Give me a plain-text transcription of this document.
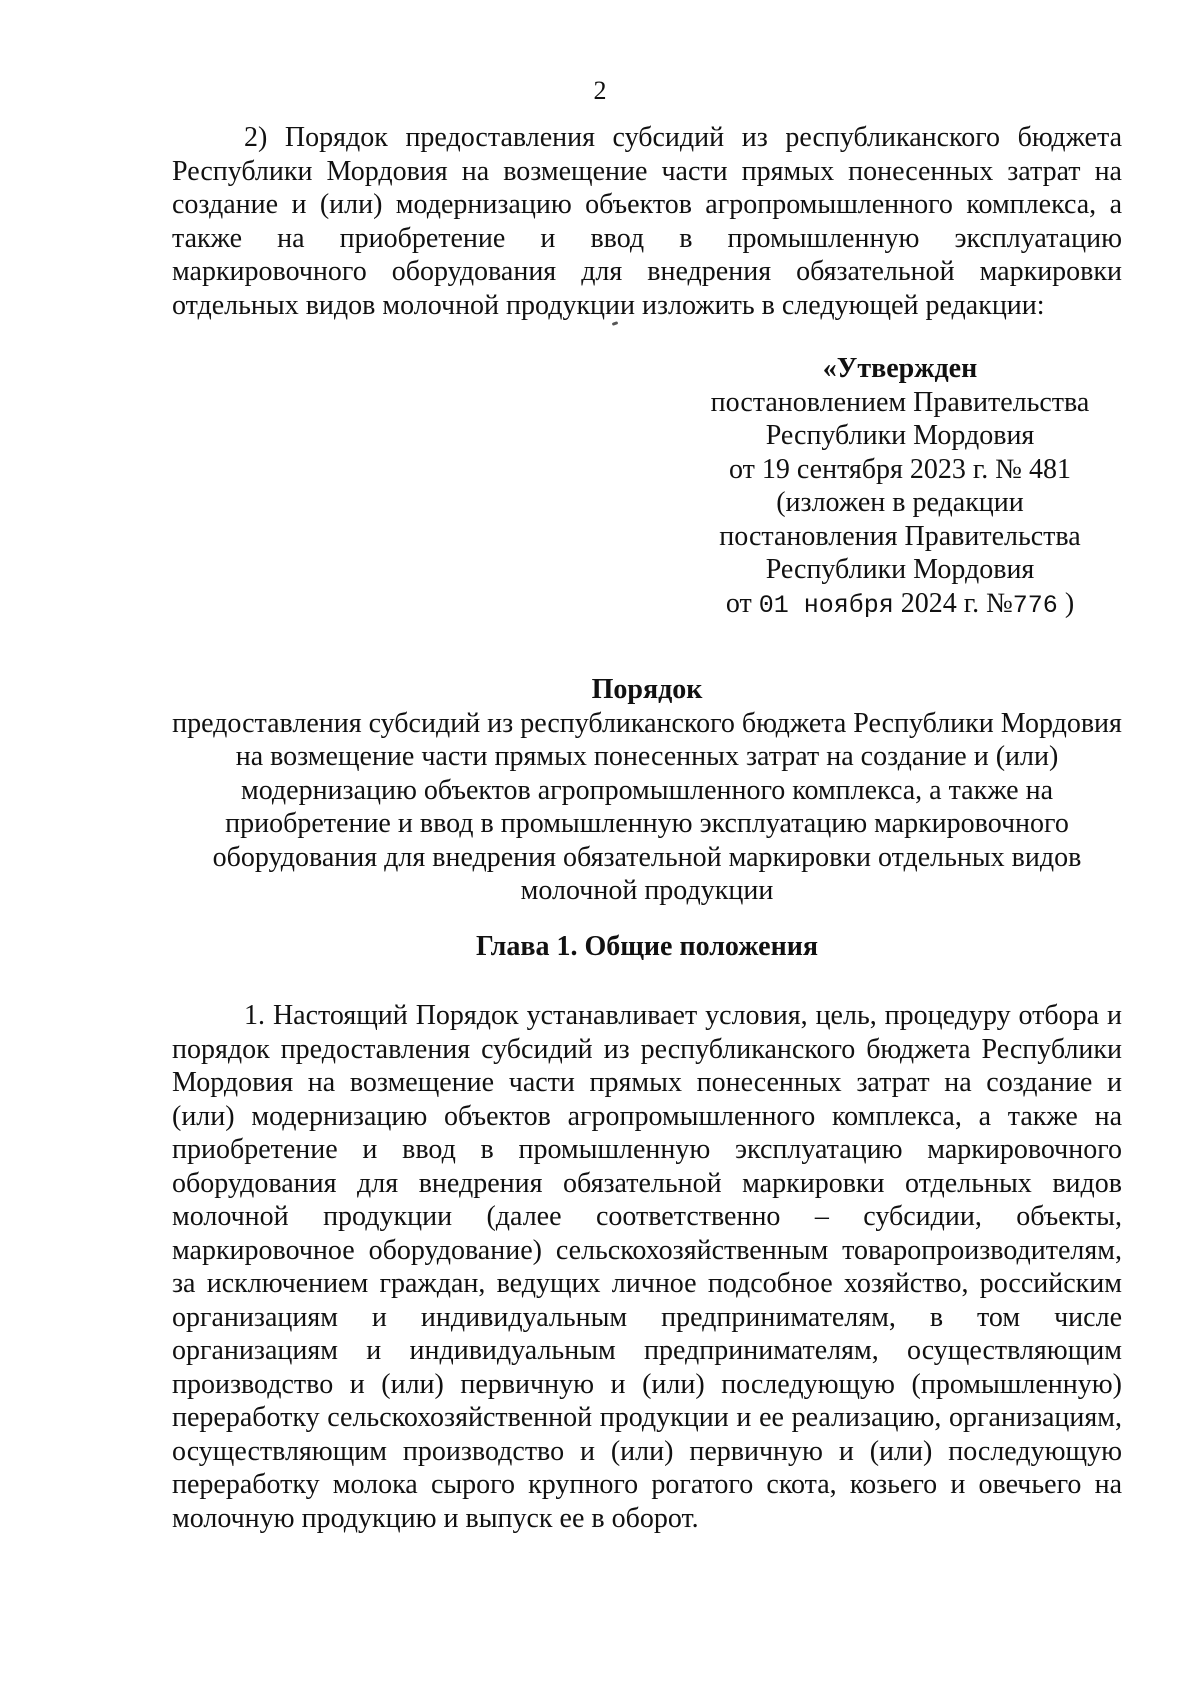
2

2) Порядок предоставления субсидий из республиканского бюджета Республики Мордовия на возмещение части прямых понесенных затрат на создание и (или) модернизацию объектов агропромышленного комплекса, а также на приобретение и ввод в промышленную эксплуатацию маркировочного оборудования для внедрения обязательной маркировки отдельных видов молочной продукции изложить в следующей редакции:

«Утвержден
постановлением Правительства
Республики Мордовия
от 19 сентября 2023 г. № 481
(изложен в редакции
постановления Правительства
Республики Мордовия
от 01 ноября 2024 г. №776 )
Порядок
предоставления субсидий из республиканского бюджета Республики Мордовия на возмещение части прямых понесенных затрат на создание и (или) модернизацию объектов агропромышленного комплекса, а также на приобретение и ввод в промышленную эксплуатацию маркировочного оборудования для внедрения обязательной маркировки отдельных видов молочной продукции
Глава 1. Общие положения

1. Настоящий Порядок устанавливает условия, цель, процедуру отбора и порядок предоставления субсидий из республиканского бюджета Республики Мордовия на возмещение части прямых понесенных затрат на создание и (или) модернизацию объектов агропромышленного комплекса, а также на приобретение и ввод в промышленную эксплуатацию маркировочного оборудования для внедрения обязательной маркировки отдельных видов молочной продукции (далее соответственно – субсидии, объекты, маркировочное оборудование) сельскохозяйственным товаропроизводителям, за исключением граждан, ведущих личное подсобное хозяйство, российским организациям и индивидуальным предпринимателям, в том числе организациям и индивидуальным предпринимателям, осуществляющим производство и (или) первичную и (или) последующую (промышленную) переработку сельскохозяйственной продукции и ее реализацию, организациям, осуществляющим производство и (или) первичную и (или) последующую переработку молока сырого крупного рогатого скота, козьего и овечьего на молочную продукцию и выпуск ее в оборот.
